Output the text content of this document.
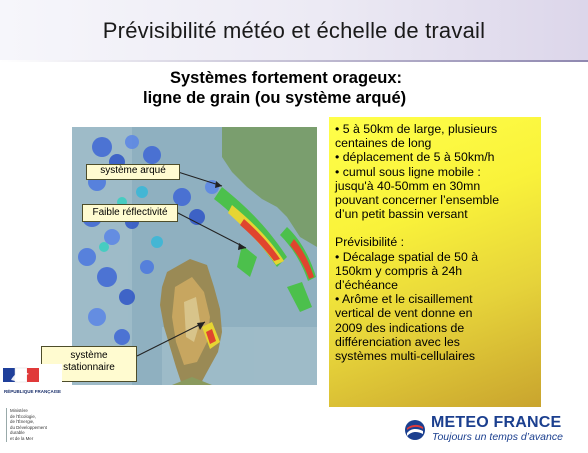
Prévisibilité météo et échelle de travail
Systèmes fortement orageux:
ligne de grain (ou système arqué)
système arqué
Faible réflectivité
système
stationnaire

• 5 à 50km de large, plusieurs

centaines de long

• déplacement de 5 à 50km/h

• cumul sous ligne mobile :

jusqu'à 40-50mm en 30mn

pouvant concerner l’ensemble

d’un petit bassin versant

Prévisibilité :

• Décalage spatial de 50 à

150km y compris à 24h

d’échéance

• Arôme et le cisaillement

vertical de vent donne en

2009 des indications de

différenciation avec les

systèmes multi-cellulaires

RÉPUBLIQUE FRANÇAISE
Ministère
de l'Écologie,
de l'Énergie,
du Développement
durable
et de la Mer
METEO FRANCE
Toujours un temps d’avance
